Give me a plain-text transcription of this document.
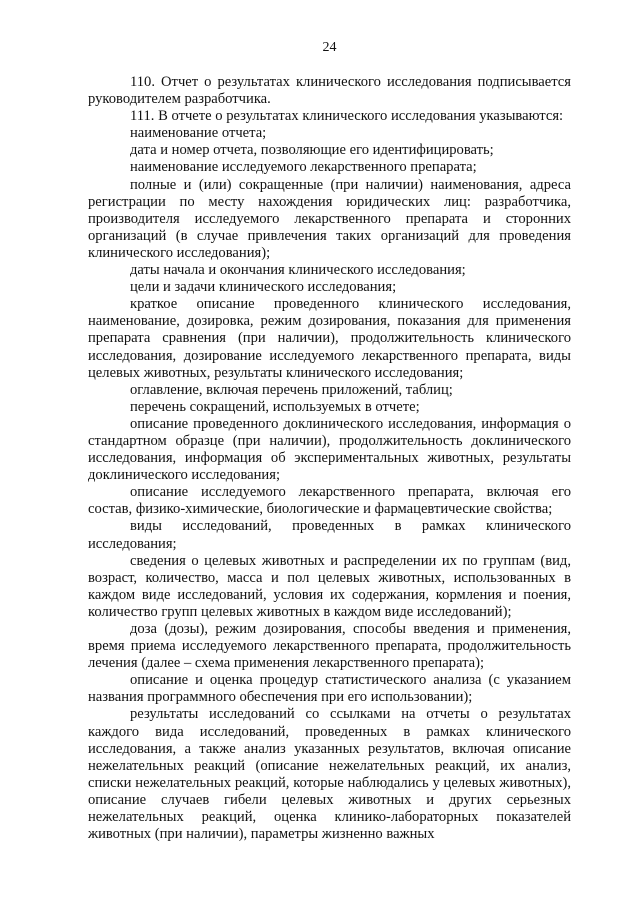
24

110. Отчет о результатах клинического исследования подписывается руководителем разработчика.

111. В отчете о результатах клинического исследования указываются:

наименование отчета;

дата и номер отчета, позволяющие его идентифицировать;

наименование исследуемого лекарственного препарата;

полные и (или) сокращенные (при наличии) наименования, адреса регистрации по месту нахождения юридических лиц: разработчика, производителя исследуемого лекарственного препарата и сторонних организаций (в случае привлечения таких организаций для проведения клинического исследования);

даты начала и окончания клинического исследования;

цели и задачи клинического исследования;

краткое описание проведенного клинического исследования, наименование, дозировка, режим дозирования, показания для применения препарата сравнения (при наличии), продолжительность клинического исследования, дозирование исследуемого лекарственного препарата, виды целевых животных, результаты клинического исследования;

оглавление, включая перечень приложений, таблиц;

перечень сокращений, используемых в отчете;

описание проведенного доклинического исследования, информация о стандартном образце (при наличии), продолжительность доклинического исследования, информация об экспериментальных животных, результаты доклинического исследования;

описание исследуемого лекарственного препарата, включая его состав, физико-химические, биологические и фармацевтические свойства;

виды исследований, проведенных в рамках клинического исследования;

сведения о целевых животных и распределении их по группам (вид, возраст, количество, масса и пол целевых животных, использованных в каждом виде исследований, условия их содержания, кормления и поения, количество групп целевых животных в каждом виде исследований);

доза (дозы), режим дозирования, способы введения и применения, время приема исследуемого лекарственного препарата, продолжительность лечения (далее – схема применения лекарственного препарата);

описание и оценка процедур статистического анализа (с указанием названия программного обеспечения при его использовании);

результаты исследований со ссылками на отчеты о результатах каждого вида исследований, проведенных в рамках клинического исследования, а также анализ указанных результатов, включая описание нежелательных реакций (описание нежелательных реакций, их анализ, списки нежелательных реакций, которые наблюдались у целевых животных), описание случаев гибели целевых животных и других серьезных нежелательных реакций, оценка клинико-лабораторных показателей животных (при наличии), параметры жизненно важных
